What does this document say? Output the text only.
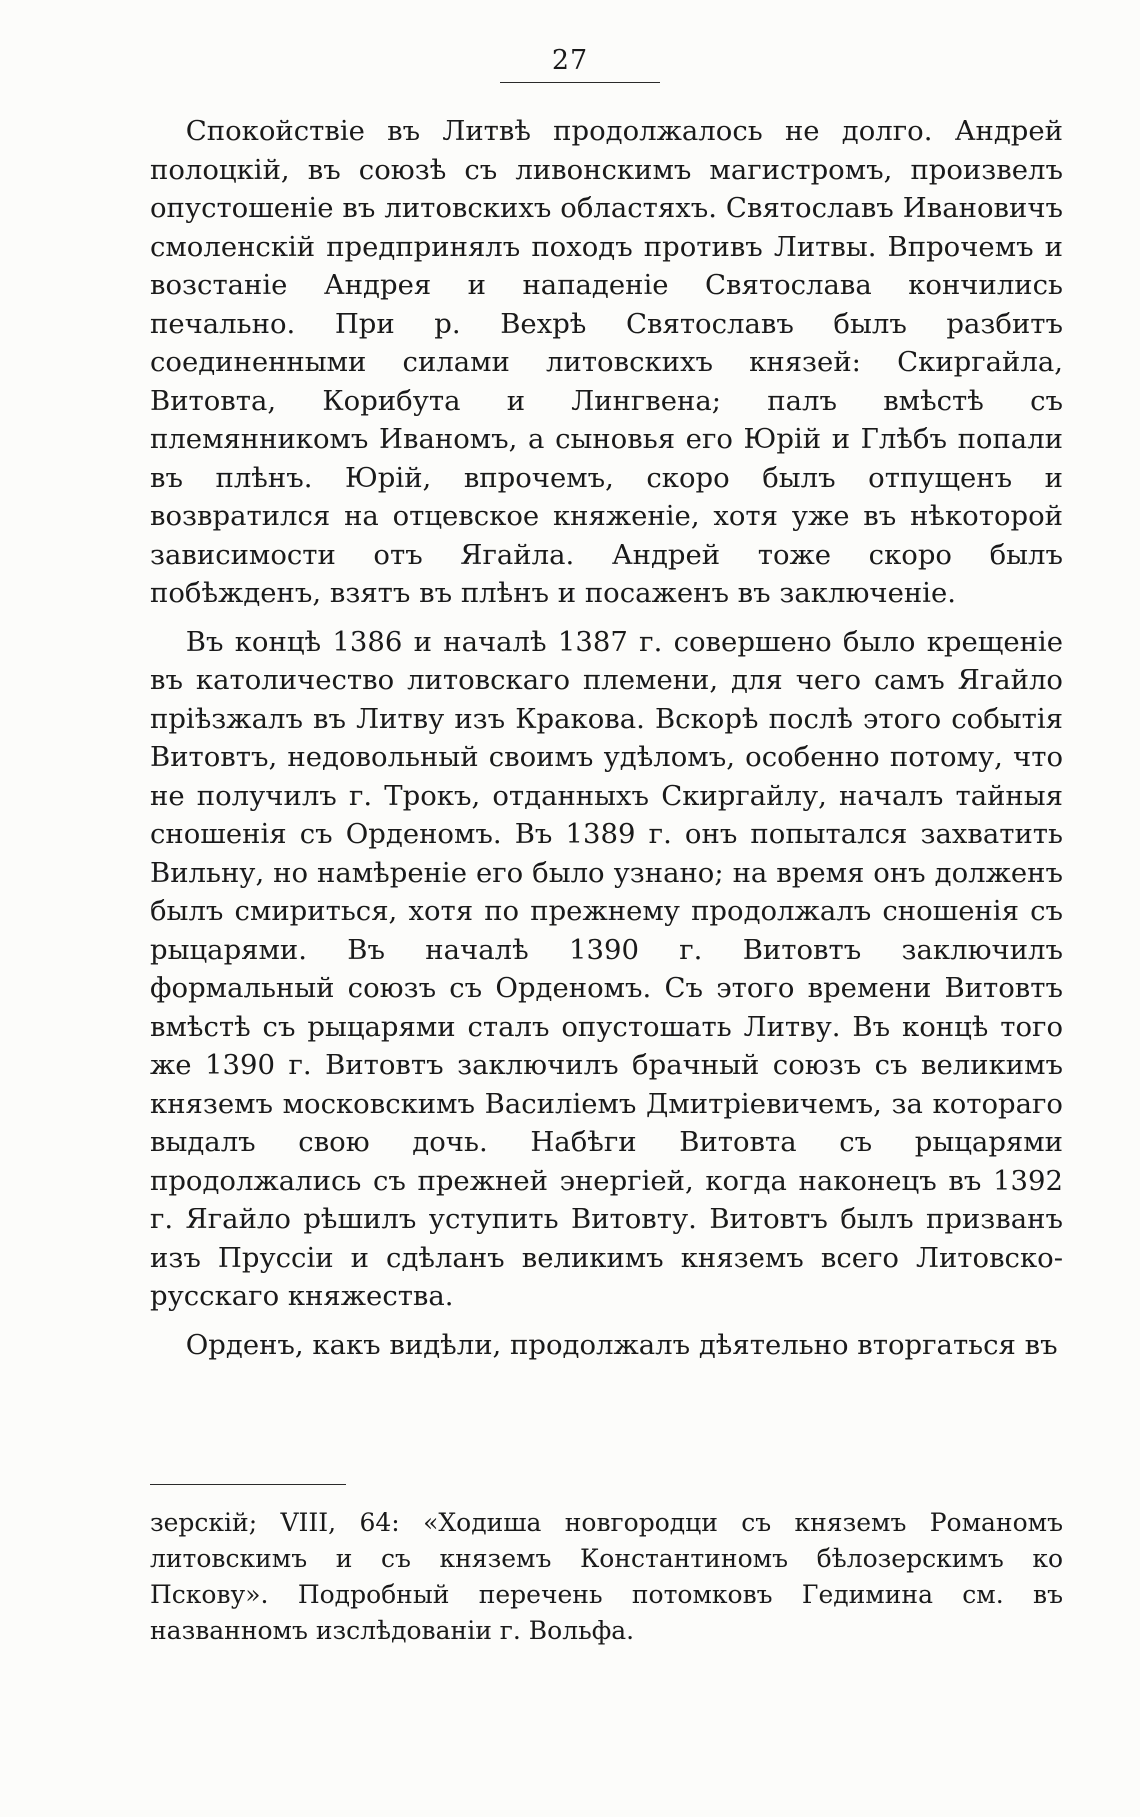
27

Спокойствіе въ Литвѣ продолжалось не долго. Андрей полоцкій, въ союзѣ съ ливонскимъ магистромъ, произвелъ опустошеніе въ литовскихъ областяхъ. Святославъ Ивановичъ смоленскій предпринялъ походъ противъ Литвы. Впрочемъ и возстаніе Андрея и нападеніе Святослава кончились печально. При р. Вехрѣ Святославъ былъ разбитъ соединенными силами литовскихъ князей: Скиргайла, Витовта, Корибута и Лингвена; палъ вмѣстѣ съ племянникомъ Иваномъ, а сыновья его Юрій и Глѣбъ попали въ плѣнъ. Юрій, впрочемъ, скоро былъ отпущенъ и возвратился на отцевское княженіе, хотя уже въ нѣкоторой зависимости отъ Ягайла. Андрей тоже скоро былъ побѣжденъ, взятъ въ плѣнъ и посаженъ въ заключеніе.

Въ концѣ 1386 и началѣ 1387 г. совершено было крещеніе въ католичество литовскаго племени, для чего самъ Ягайло пріѣзжалъ въ Литву изъ Кракова. Вскорѣ послѣ этого событія Витовтъ, недовольный своимъ удѣломъ, особенно потому, что не получилъ г. Трокъ, отданныхъ Скиргайлу, началъ тайныя сношенія съ Орденомъ. Въ 1389 г. онъ попытался захватить Вильну, но намѣреніе его было узнано; на время онъ долженъ былъ смириться, хотя по прежнему продолжалъ сношенія съ рыцарями. Въ началѣ 1390 г. Витовтъ заключилъ формальный союзъ съ Орденомъ. Съ этого времени Витовтъ вмѣстѣ съ рыцарями сталъ опустошать Литву. Въ концѣ того же 1390 г. Витовтъ заключилъ брачный союзъ съ великимъ княземъ московскимъ Василіемъ Дмитріевичемъ, за котораго выдалъ свою дочь. Набѣги Витовта съ рыцарями продолжались съ прежней энергіей, когда наконецъ въ 1392 г. Ягайло рѣшилъ уступить Витовту. Витовтъ былъ призванъ изъ Пруссіи и сдѣланъ великимъ княземъ всего Литовско-русскаго княжества.

Орденъ, какъ видѣли, продолжалъ дѣятельно вторгаться въ

зерскій; VIII, 64: «Ходиша новгородци съ княземъ Романомъ литовскимъ и съ княземъ Константиномъ бѣлозерскимъ ко Пскову». Подробный перечень потомковъ Гедимина см. въ названномъ изслѣдованіи г. Вольфа.
